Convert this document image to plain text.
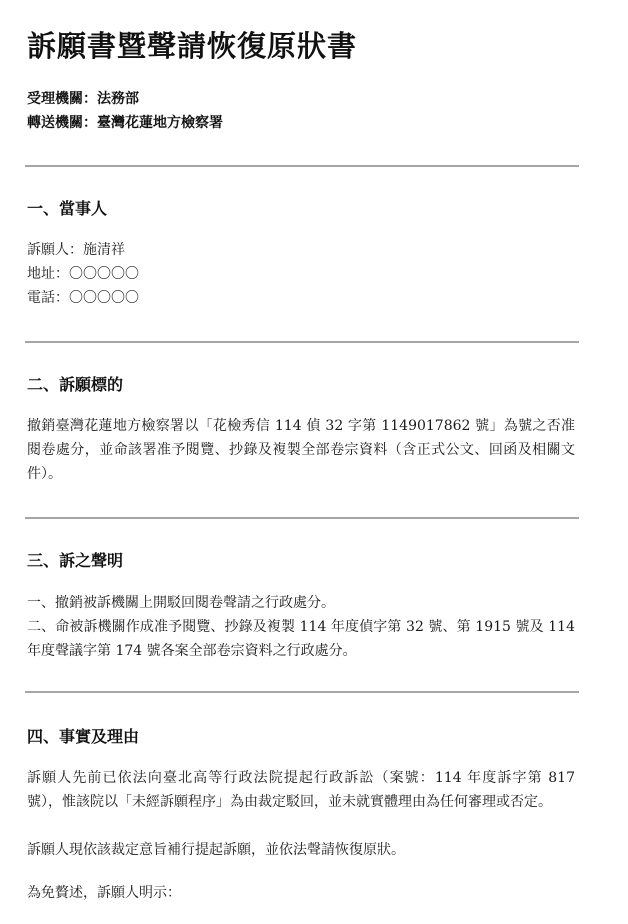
訴願書暨聲請恢復原狀書
受理機關：法務部
轉送機關：臺灣花蓮地方檢察署
一、當事人
訴願人：施清祥
地址：〇〇〇〇〇
電話：〇〇〇〇〇
二、訴願標的

撤銷臺灣花蓮地方檢察署以「花檢秀信 114 偵 32 字第 1149017862 號」為號之否准閱卷處分，並命該署准予閱覽、抄錄及複製全部卷宗資料（含正式公文、回函及相關文件）。

三、訴之聲明

一、撤銷被訴機關上開駁回閱卷聲請之行政處分。

二、命被訴機關作成准予閱覽、抄錄及複製 114 年度偵字第 32 號、第 1915 號及 114 年度聲議字第 174 號各案全部卷宗資料之行政處分。

四、事實及理由

訴願人先前已依法向臺北高等行政法院提起行政訴訟（案號：114 年度訴字第 817 號），惟該院以「未經訴願程序」為由裁定駁回，並未就實體理由為任何審理或否定。

訴願人現依該裁定意旨補行提起訴願，並依法聲請恢復原狀。

為免贅述，訴願人明示：
